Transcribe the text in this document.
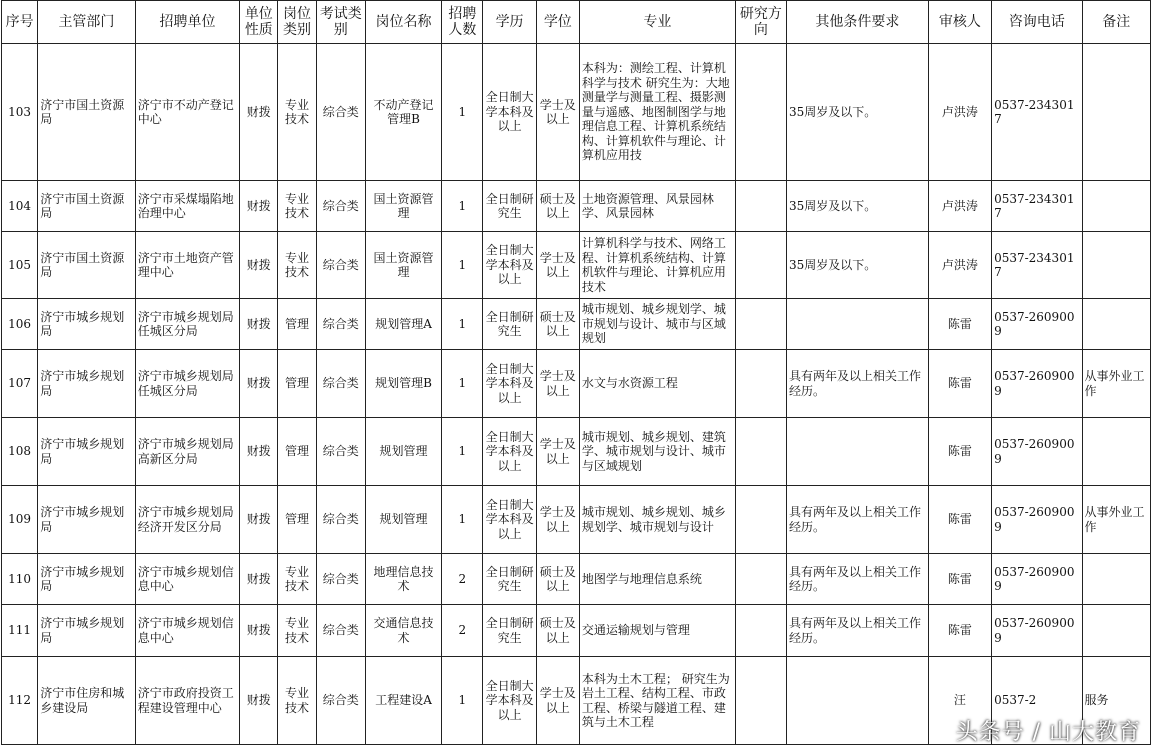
序号	主管部门	招聘单位	单位性质	岗位类别	考试类别	岗位名称	招聘人数	学历	学位	专业	研究方向	其他条件要求	审核人	咨询电话	备注
103	济宁市国土资源局	济宁市不动产登记中心	财拨	专业技术	综合类	不动产登记管理B	1	全日制大学本科及以上	学士及以上	本科为：测绘工程、计算机科学与技术 研究生为：大地测量学与测量工程、摄影测量与遥感、地图制图学与地理信息工程、计算机系统结构、计算机软件与理论、计算机应用技		35周岁及以下。	卢洪涛	0537-2343017	
104	济宁市国土资源局	济宁市采煤塌陷地治理中心	财拨	专业技术	综合类	国土资源管理	1	全日制研究生	硕士及以上	土地资源管理、风景园林学、风景园林		35周岁及以下。	卢洪涛	0537-2343017	
105	济宁市国土资源局	济宁市土地资产管理中心	财拨	专业技术	综合类	国土资源管理	1	全日制大学本科及以上	学士及以上	计算机科学与技术、网络工程、计算机系统结构、计算机软件与理论、计算机应用技术		35周岁及以下。	卢洪涛	0537-2343017	
106	济宁市城乡规划局	济宁市城乡规划局任城区分局	财拨	管理	综合类	规划管理A	1	全日制研究生	硕士及以上	城市规划、城乡规划学、城市规划与设计、城市与区域规划			陈雷	0537-2609009	
107	济宁市城乡规划局	济宁市城乡规划局任城区分局	财拨	管理	综合类	规划管理B	1	全日制大学本科及以上	学士及以上	水文与水资源工程		具有两年及以上相关工作经历。	陈雷	0537-2609009	从事外业工作
108	济宁市城乡规划局	济宁市城乡规划局高新区分局	财拨	管理	综合类	规划管理	1	全日制大学本科及以上	学士及以上	城市规划、城乡规划、建筑学、城市规划与设计、城市与区域规划			陈雷	0537-2609009	
109	济宁市城乡规划局	济宁市城乡规划局经济开发区分局	财拨	管理	综合类	规划管理	1	全日制大学本科及以上	学士及以上	城市规划、城乡规划、城乡规划学、城市规划与设计		具有两年及以上相关工作经历。	陈雷	0537-2609009	从事外业工作
110	济宁市城乡规划局	济宁市城乡规划信息中心	财拨	专业技术	综合类	地理信息技术	2	全日制研究生	硕士及以上	地图学与地理信息系统		具有两年及以上相关工作经历。	陈雷	0537-2609009	
111	济宁市城乡规划局	济宁市城乡规划信息中心	财拨	专业技术	综合类	交通信息技术	2	全日制研究生	硕士及以上	交通运输规划与管理		具有两年及以上相关工作经历。	陈雷	0537-2609009	
112	济宁市住房和城乡建设局	济宁市政府投资工程建设管理中心	财拨	专业技术	综合类	工程建设A	1	全日制大学本科及以上	学士及以上	本科为土木工程； 研究生为岩土工程、结构工程、市政工程、桥梁与隧道工程、建筑与土木工程			汪	0537-2	服务
头条号 / 山大教育
